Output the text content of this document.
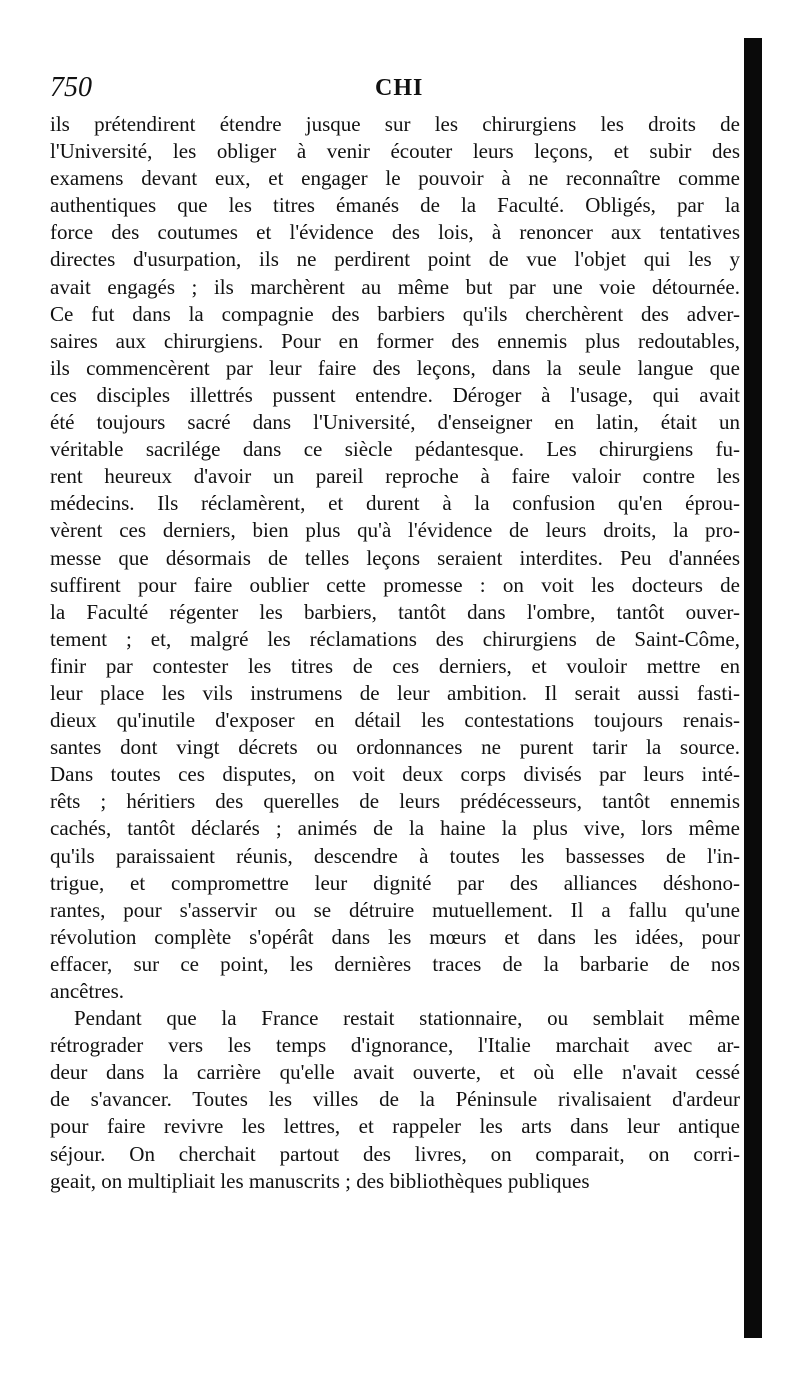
750	CHI
ils prétendirent étendre jusque sur les chirurgiens les droits de
l'Université, les obliger à venir écouter leurs leçons, et subir des
examens devant eux, et engager le pouvoir à ne reconnaître comme
authentiques que les titres émanés de la Faculté. Obligés, par la
force des coutumes et l'évidence des lois, à renoncer aux tentatives
directes d'usurpation, ils ne perdirent point de vue l'objet qui les y
avait engagés ; ils marchèrent au même but par une voie détournée.
Ce fut dans la compagnie des barbiers qu'ils cherchèrent des adver-
saires aux chirurgiens. Pour en former des ennemis plus redoutables,
ils commencèrent par leur faire des leçons, dans la seule langue que
ces disciples illettrés pussent entendre. Déroger à l'usage, qui avait
été toujours sacré dans l'Université, d'enseigner en latin, était un
véritable sacrilége dans ce siècle pédantesque. Les chirurgiens fu-
rent heureux d'avoir un pareil reproche à faire valoir contre les
médecins. Ils réclamèrent, et durent à la confusion qu'en éprou-
vèrent ces derniers, bien plus qu'à l'évidence de leurs droits, la pro-
messe que désormais de telles leçons seraient interdites. Peu d'années
suffirent pour faire oublier cette promesse : on voit les docteurs de
la Faculté régenter les barbiers, tantôt dans l'ombre, tantôt ouver-
tement ; et, malgré les réclamations des chirurgiens de Saint-Côme,
finir par contester les titres de ces derniers, et vouloir mettre en
leur place les vils instrumens de leur ambition. Il serait aussi fasti-
dieux qu'inutile d'exposer en détail les contestations toujours renais-
santes dont vingt décrets ou ordonnances ne purent tarir la source.
Dans toutes ces disputes, on voit deux corps divisés par leurs inté-
rêts ; héritiers des querelles de leurs prédécesseurs, tantôt ennemis
cachés, tantôt déclarés ; animés de la haine la plus vive, lors même
qu'ils paraissaient réunis, descendre à toutes les bassesses de l'in-
trigue, et compromettre leur dignité par des alliances déshono-
rantes, pour s'asservir ou se détruire mutuellement. Il a fallu qu'une
révolution complète s'opérât dans les mœurs et dans les idées, pour
effacer, sur ce point, les dernières traces de la barbarie de nos
ancêtres.
Pendant que la France restait stationnaire, ou semblait même
rétrograder vers les temps d'ignorance, l'Italie marchait avec ar-
deur dans la carrière qu'elle avait ouverte, et où elle n'avait cessé
de s'avancer. Toutes les villes de la Péninsule rivalisaient d'ardeur
pour faire revivre les lettres, et rappeler les arts dans leur antique
séjour. On cherchait partout des livres, on comparait, on corri-
geait, on multipliait les manuscrits ; des bibliothèques publiques
